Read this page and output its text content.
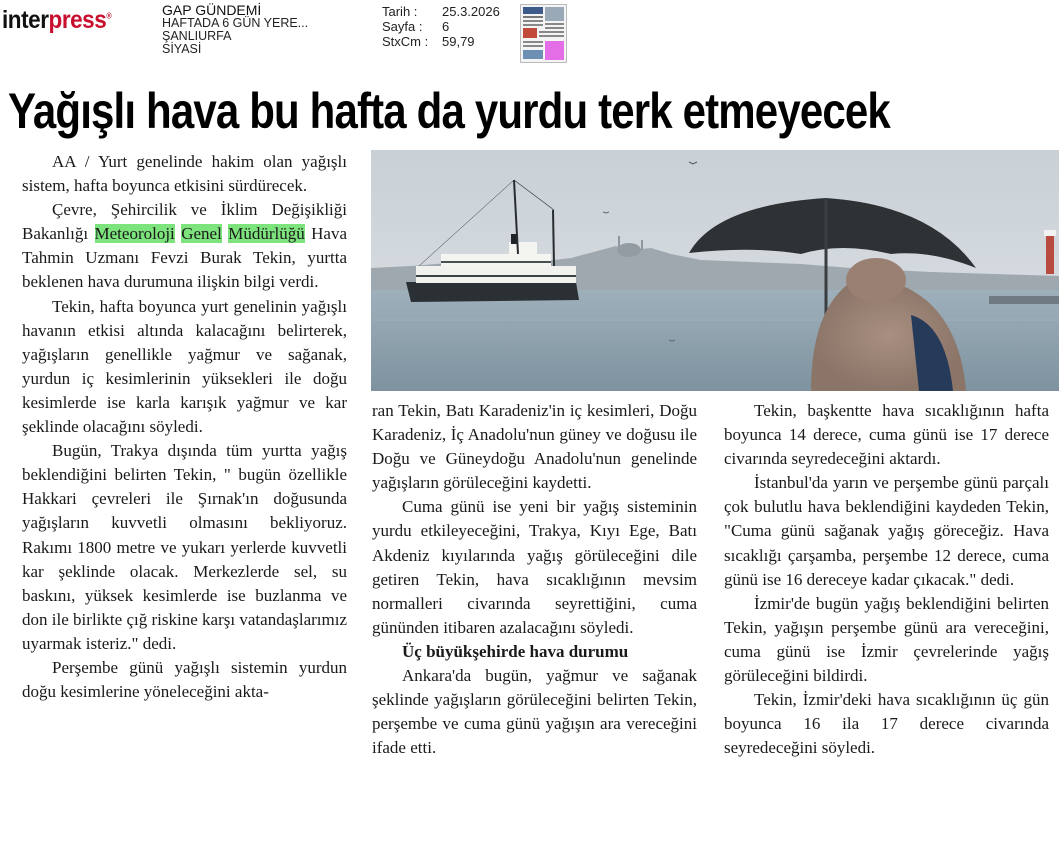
interpress®	GAP GÜNDEMİ
HAFTADA 6 GÜN YERE...
ŞANLIURFA
SİYASİ
Tarih :	25.3.2026
Sayfa :	6
StxCm :	59,79
Yağışlı hava bu hafta da yurdu terk etmeyecek

AA / Yurt genelinde hakim olan yağışlı sistem, hafta boyunca etkisini sürdürecek.

Çevre, Şehircilik ve İklim Değişikliği Bakanlığı Meteoroloji Genel Müdürlüğü Hava Tahmin Uzmanı Fevzi Burak Tekin, yurtta beklenen hava durumuna ilişkin bilgi verdi.

Tekin, hafta boyunca yurt genelinin yağışlı havanın etkisi altında kalacağını belirterek, yağışların genellikle yağmur ve sağanak, yurdun iç kesimlerinin yüksekleri ile doğu kesimlerde ise karla karışık yağmur ve kar şeklinde olacağını söyledi.

Bugün, Trakya dışında tüm yurtta yağış beklendiğini belirten Tekin, " bugün özellikle Hakkari çevreleri ile Şırnak'ın doğusunda yağışların kuvvetli olmasını bekliyoruz. Rakımı 1800 metre ve yukarı yerlerde kuvvetli kar şeklinde olacak. Merkezlerde sel, su baskını, yüksek kesimlerde ise buzlanma ve don ile birlikte çığ riskine karşı vatandaşlarımız uyarmak isteriz." dedi.

Perşembe günü yağışlı sistemin yurdun doğu kesimlerine yöneleceğini akta-

ran Tekin, Batı Karadeniz'in iç kesimleri, Doğu Karadeniz, İç Anadolu'nun güney ve doğusu ile Doğu ve Güneydoğu Anadolu'nun genelinde yağışların görüleceğini kaydetti.

Cuma günü ise yeni bir yağış sisteminin yurdu etkileyeceğini, Trakya, Kıyı Ege, Batı Akdeniz kıyılarında yağış görüleceğini dile getiren Tekin, hava sıcaklığının mevsim normalleri civarında seyrettiğini, cuma gününden itibaren azalacağını söyledi.

Üç büyükşehirde hava durumu

Ankara'da bugün, yağmur ve sağanak şeklinde yağışların görüleceğini belirten Tekin, perşembe ve cuma günü yağışın ara vereceğini ifade etti.

Tekin, başkentte hava sıcaklığının hafta boyunca 14 derece, cuma günü ise 17 derece civarında seyredeceğini aktardı.

İstanbul'da yarın ve perşembe günü parçalı çok bulutlu hava beklendiğini kaydeden Tekin, "Cuma günü sağanak yağış göreceğiz. Hava sıcaklığı çarşamba, perşembe 12 derece, cuma günü ise 16 dereceye kadar çıkacak." dedi.

İzmir'de bugün yağış beklendiğini belirten Tekin, yağışın perşembe günü ara vereceğini, cuma günü ise İzmir çevrelerinde yağış görüleceğini bildirdi.

Tekin, İzmir'deki hava sıcaklığının üç gün boyunca 16 ila 17 derece civarında seyredeceğini söyledi.
